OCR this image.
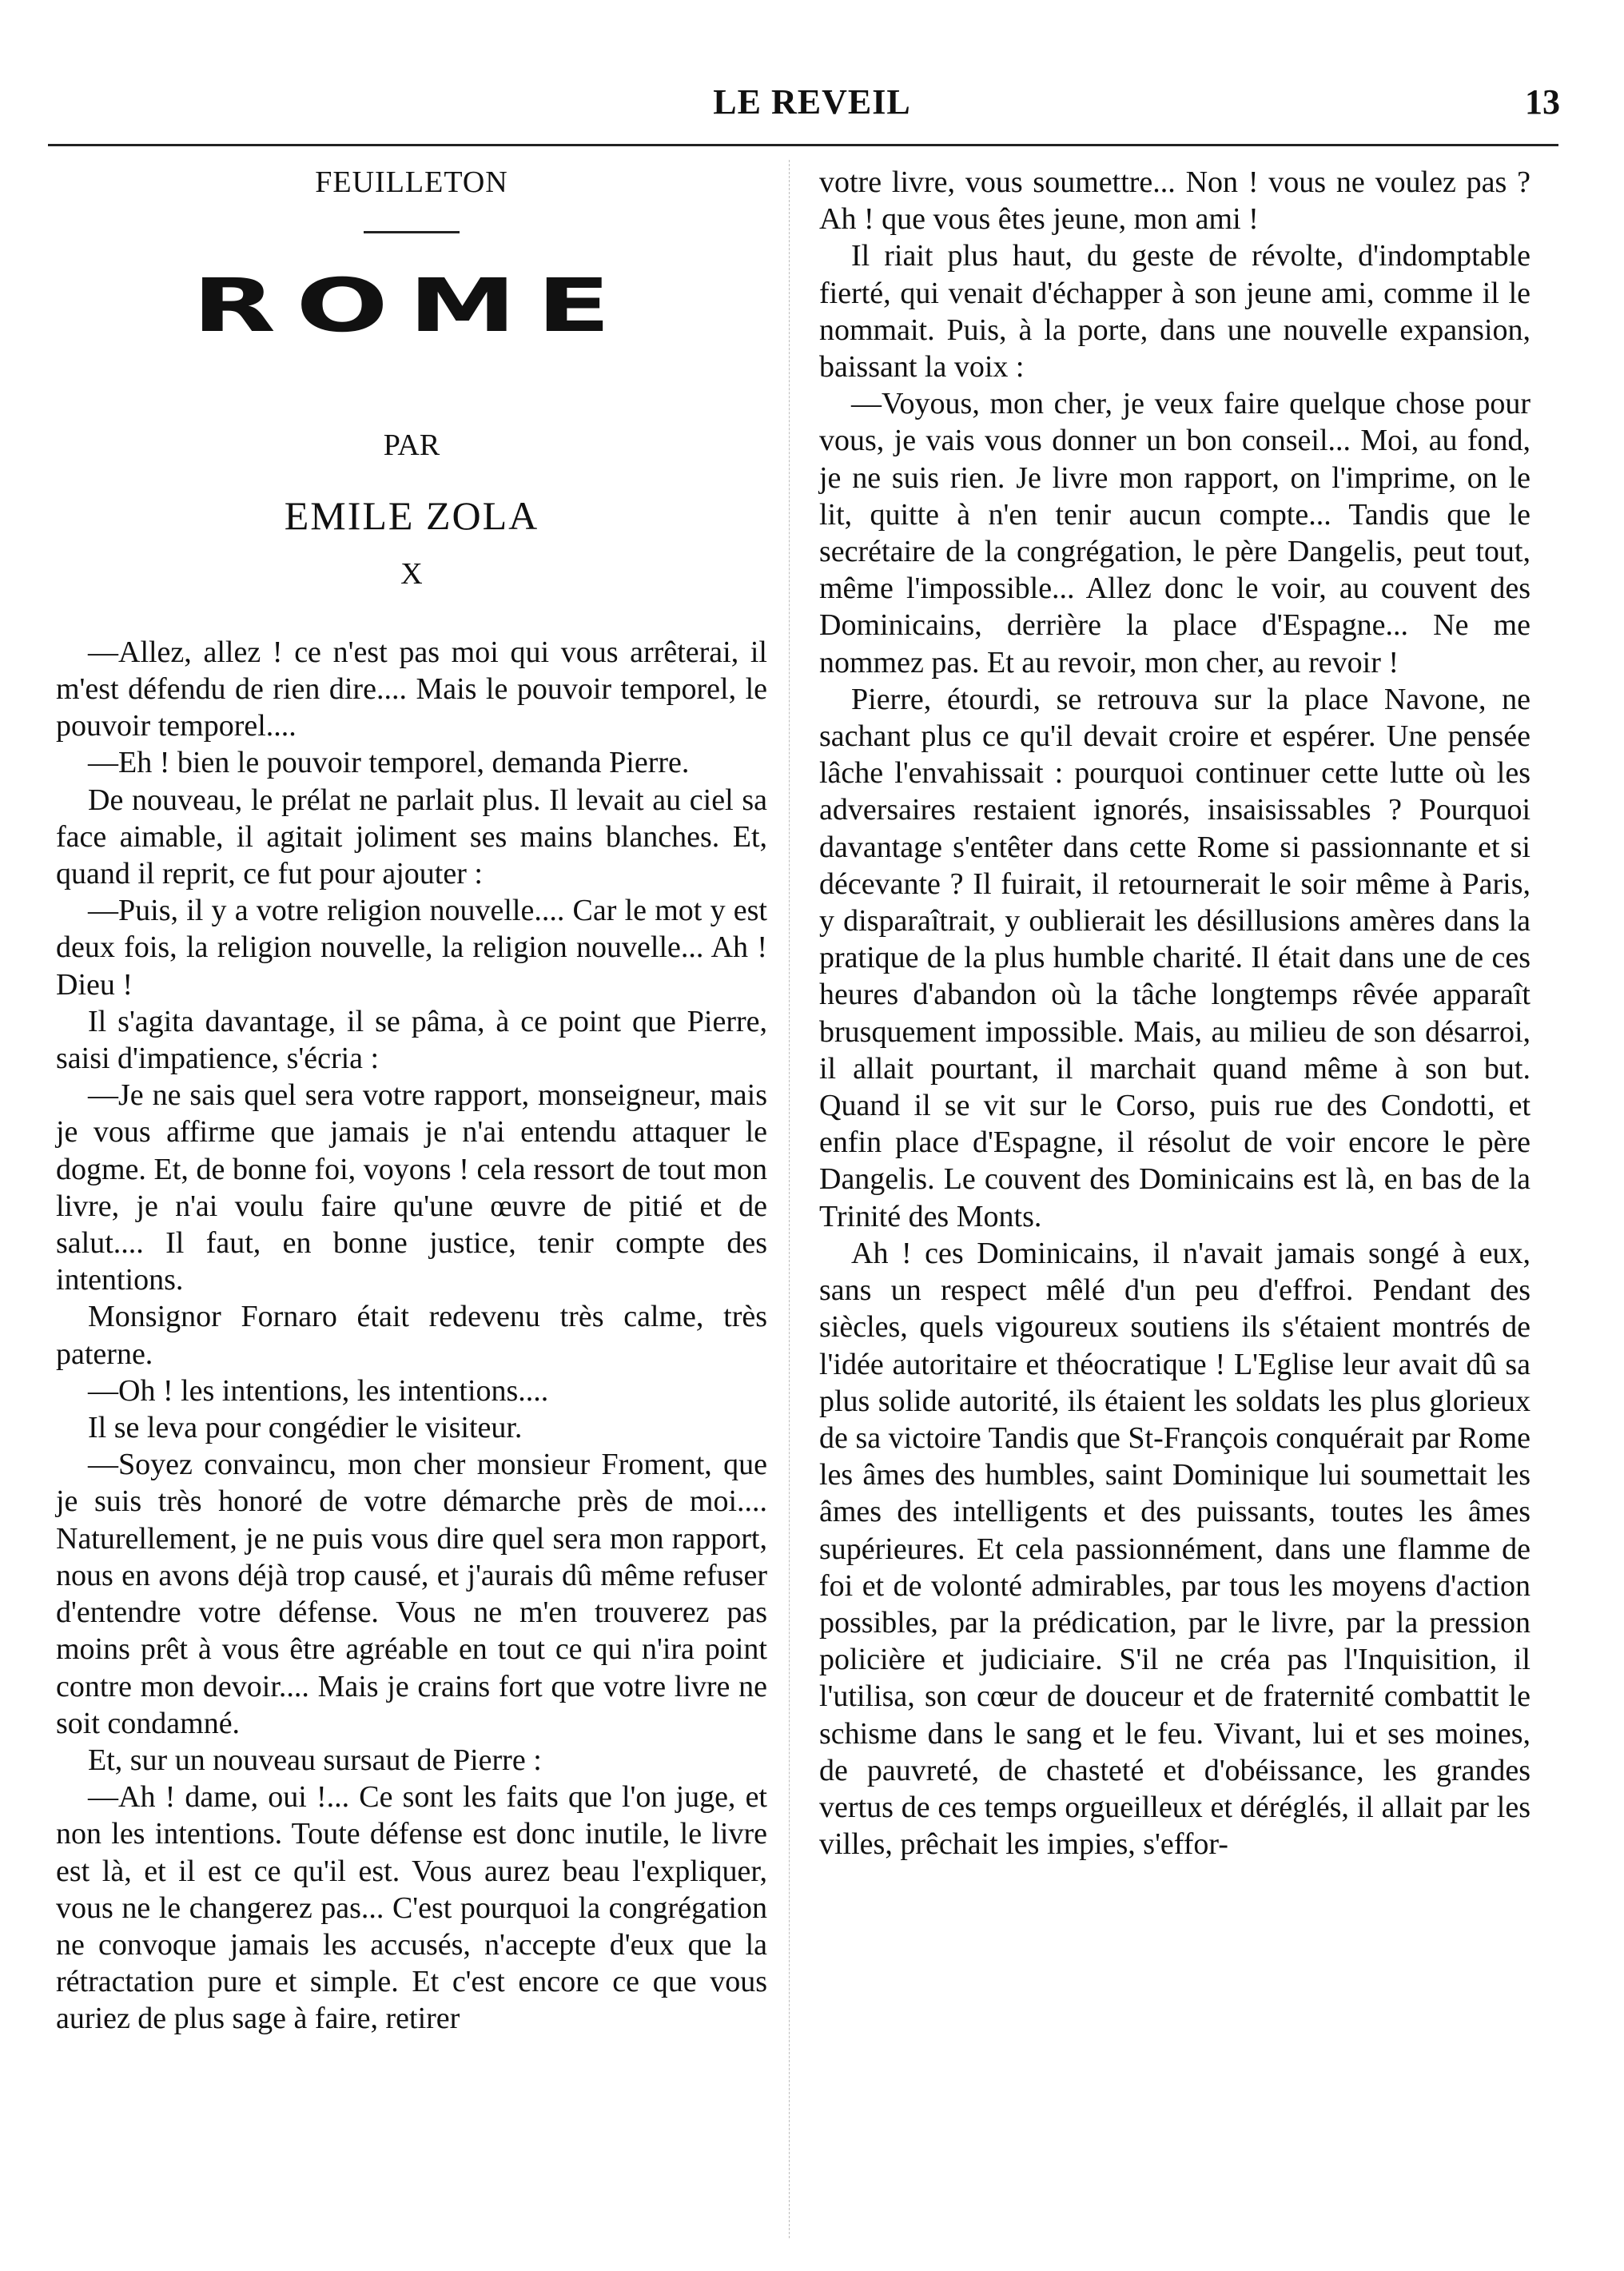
LE REVEIL	13
FEUILLETON
ROME
PAR
EMILE ZOLA
X

—Allez, allez ! ce n'est pas moi qui vous arrêterai, il m'est défendu de rien dire.... Mais le pouvoir temporel, le pouvoir temporel....

—Eh ! bien le pouvoir temporel, demanda Pierre.

De nouveau, le prélat ne parlait plus. Il levait au ciel sa face aimable, il agitait joliment ses mains blanches. Et, quand il reprit, ce fut pour ajouter :

—Puis, il y a votre religion nouvelle.... Car le mot y est deux fois, la religion nouvelle, la religion nouvelle... Ah ! Dieu !

Il s'agita davantage, il se pâma, à ce point que Pierre, saisi d'impatience, s'écria :

—Je ne sais quel sera votre rapport, monseigneur, mais je vous affirme que jamais je n'ai entendu attaquer le dogme. Et, de bonne foi, voyons ! cela ressort de tout mon livre, je n'ai voulu faire qu'une œuvre de pitié et de salut.... Il faut, en bonne justice, tenir compte des intentions.

Monsignor Fornaro était redevenu très calme, très paterne.

—Oh ! les intentions, les intentions....

Il se leva pour congédier le visiteur.

—Soyez convaincu, mon cher monsieur Froment, que je suis très honoré de votre démarche près de moi.... Naturellement, je ne puis vous dire quel sera mon rapport, nous en avons déjà trop causé, et j'aurais dû même refuser d'entendre votre défense. Vous ne m'en trouverez pas moins prêt à vous être agréable en tout ce qui n'ira point contre mon devoir.... Mais je crains fort que votre livre ne soit condamné.

Et, sur un nouveau sursaut de Pierre :

—Ah ! dame, oui !... Ce sont les faits que l'on juge, et non les intentions. Toute défense est donc inutile, le livre est là, et il est ce qu'il est. Vous aurez beau l'expliquer, vous ne le changerez pas... C'est pourquoi la congrégation ne convoque jamais les accusés, n'accepte d'eux que la rétractation pure et simple. Et c'est encore ce que vous auriez de plus sage à faire, retirer

votre livre, vous soumettre... Non ! vous ne voulez pas ? Ah ! que vous êtes jeune, mon ami !

Il riait plus haut, du geste de révolte, d'indomptable fierté, qui venait d'échapper à son jeune ami, comme il le nommait. Puis, à la porte, dans une nouvelle expansion, baissant la voix :

—Voyous, mon cher, je veux faire quelque chose pour vous, je vais vous donner un bon conseil... Moi, au fond, je ne suis rien. Je livre mon rapport, on l'imprime, on le lit, quitte à n'en tenir aucun compte... Tandis que le secrétaire de la congrégation, le père Dangelis, peut tout, même l'impossible... Allez donc le voir, au couvent des Dominicains, derrière la place d'Espagne... Ne me nommez pas. Et au revoir, mon cher, au revoir !

Pierre, étourdi, se retrouva sur la place Navone, ne sachant plus ce qu'il devait croire et espérer. Une pensée lâche l'envahissait : pourquoi continuer cette lutte où les adversaires restaient ignorés, insaisissables ? Pourquoi davantage s'entêter dans cette Rome si passionnante et si décevante ? Il fuirait, il retournerait le soir même à Paris, y disparaîtrait, y oublierait les désillusions amères dans la pratique de la plus humble charité. Il était dans une de ces heures d'abandon où la tâche longtemps rêvée apparaît brusquement impossible. Mais, au milieu de son désarroi, il allait pourtant, il marchait quand même à son but. Quand il se vit sur le Corso, puis rue des Condotti, et enfin place d'Espagne, il résolut de voir encore le père Dangelis. Le couvent des Dominicains est là, en bas de la Trinité des Monts.

Ah ! ces Dominicains, il n'avait jamais songé à eux, sans un respect mêlé d'un peu d'effroi. Pendant des siècles, quels vigoureux soutiens ils s'étaient montrés de l'idée autoritaire et théocratique ! L'Eglise leur avait dû sa plus solide autorité, ils étaient les soldats les plus glorieux de sa victoire Tandis que St-François conquérait par Rome les âmes des humbles, saint Dominique lui soumettait les âmes des intelligents et des puissants, toutes les âmes supérieures. Et cela passionnément, dans une flamme de foi et de volonté admirables, par tous les moyens d'action possibles, par la prédication, par le livre, par la pression policière et judiciaire. S'il ne créa pas l'Inquisition, il l'utilisa, son cœur de douceur et de fraternité combattit le schisme dans le sang et le feu. Vivant, lui et ses moines, de pauvreté, de chasteté et d'obéissance, les grandes vertus de ces temps orgueilleux et déréglés, il allait par les villes, prêchait les impies, s'effor-
